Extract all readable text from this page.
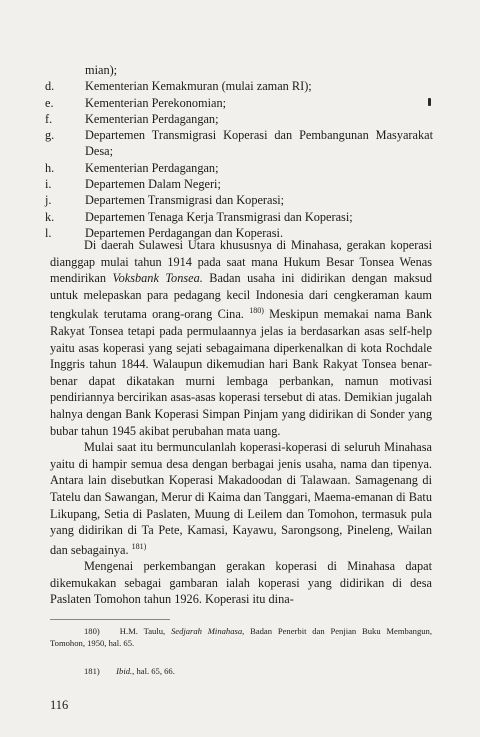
mian);
d.	Kementerian Kemakmuran (mulai zaman RI);
e.	Kementerian Perekonomian;
f.	Kementerian Perdagangan;
g.	Departemen Transmigrasi Koperasi dan Pembangunan Masyarakat Desa;
h.	Kementerian Perdagangan;
i.	Departemen Dalam Negeri;
j.	Departemen Transmigrasi dan Koperasi;
k.	Departemen Tenaga Kerja Transmigrasi dan Koperasi;
l.	Departemen Perdagangan dan Koperasi.

Di daerah Sulawesi Utara khususnya di Minahasa, gerakan koperasi dianggap mulai tahun 1914 pada saat mana Hukum Besar Tonsea Wenas mendirikan Voksbank Tonsea. Badan usaha ini didirikan dengan maksud untuk melepaskan para pedagang kecil Indonesia dari cengkeraman kaum tengkulak terutama orang-orang Cina. $^{180)}$ Meskipun memakai nama Bank Rakyat Tonsea tetapi pada permulaannya jelas ia berdasarkan asas self-help yaitu asas koperasi yang sejati sebagaimana diperkenalkan di kota Rochdale Inggris tahun 1844. Walaupun dikemudian hari Bank Rakyat Tonsea benar-benar dapat dikatakan murni lembaga perbankan, namun motivasi pendiriannya bercirikan asas-asas koperasi tersebut di atas. Demikian jugalah halnya dengan Bank Koperasi Simpan Pinjam yang didirikan di Sonder yang bubar tahun 1945 akibat perubahan mata uang.

Mulai saat itu bermunculanlah koperasi-koperasi di seluruh Minahasa yaitu di hampir semua desa dengan berbagai jenis usaha, nama dan tipenya. Antara lain disebutkan Koperasi Makadoodan di Talawaan. Samagenang di Tatelu dan Sawangan, Merur di Kaima dan Tanggari, Maema-emanan di Batu Likupang, Setia di Paslaten, Muung di Leilem dan Tomohon, termasuk pula yang didirikan di Ta Pete, Kamasi, Kayawu, Sarongsong, Pineleng, Wailan dan sebagainya. $^{181)}$

Mengenai perkembangan gerakan koperasi di Minahasa dapat dikemukakan sebagai gambaran ialah koperasi yang didirikan di desa Paslaten Tomohon tahun 1926. Koperasi itu dina-

180) H.M. Taulu, Sedjarah Minahasa, Badan Penerbit dan Penjian Buku Membangun, Tomohon, 1950, hal. 65.
181) Ibid., hal. 65, 66.
116
